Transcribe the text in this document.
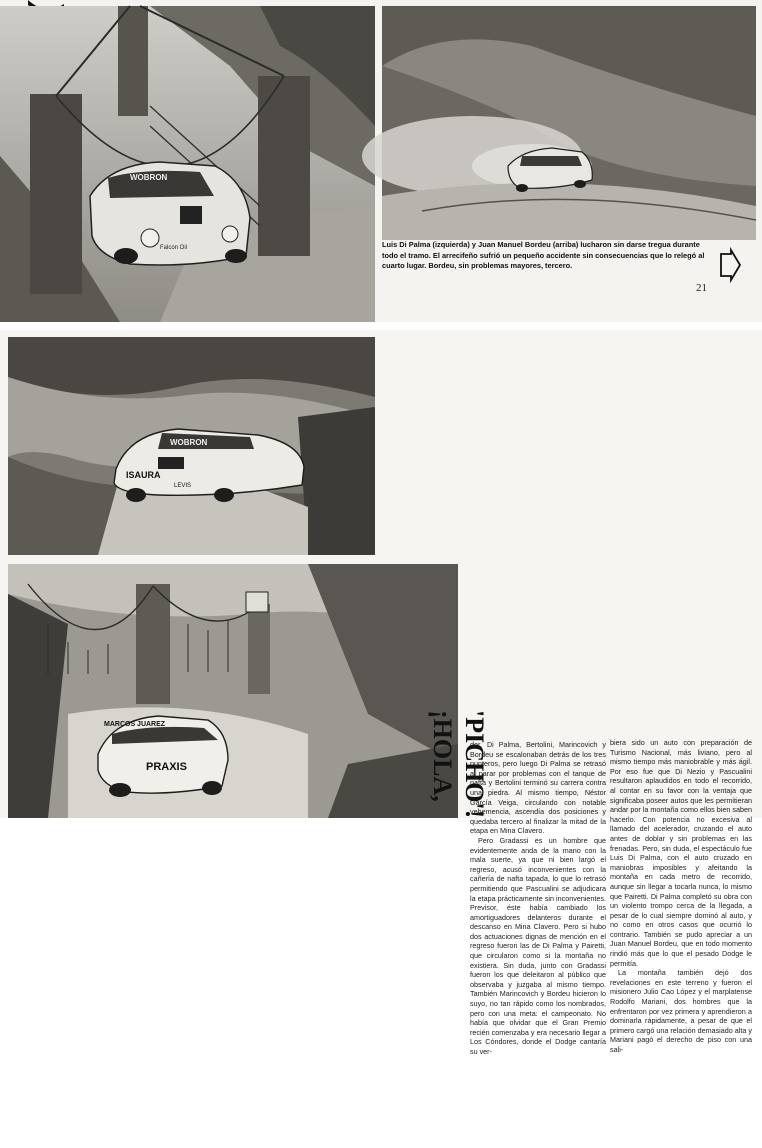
WOBRON
Falcon Oil	Luis Di Palma (izquierda) y Juan Manuel Bordeu (arriba) lucharon sin darse tregua durante todo el tramo. El arrecifeño sufrió un pequeño accidente sin consecuencias que lo relegó al cuarto lugar. Bordeu, sin problemas mayores, tercero.
21
WOBRON
ISAURA
LEVIS
MARCOS JUAREZ
PRAXIS	¡HOLA, 'PICHO'!

dor, Di Palma, Bertolini, Marincovich y Bordeu se escalonaban detrás de los tres punteros, pero luego Di Palma se retrasó al parar por problemas con el tanque de nafta y Bertolini terminó su carrera contra una piedra. Al mismo tiempo, Néstor García Veiga, circulando con notable vehemencia, ascendía dos posiciones y quedaba tercero al finalizar la mitad de la etapa en Mina Clavero.

Pero Gradassi es un hombre que evidentemente anda de la mano con la mala suerte, ya que ni bien largó el regreso, acusó inconvenientes con la cañería de nafta tapada, lo que lo retrasó permitiendo que Pascualini se adjudicara la etapa prácticamente sin inconvenientes. Previsor, éste había cambiado los amortiguadores delanteros durante el descanso en Mina Clavero. Pero si hubo dos actuaciones dignas de mención en el regreso fueron las de Di Palma y Pairetti, que circularon como si la montaña no existiera. Sin duda, junto con Gradassi fueron los que deleitaron al público que observaba y juzgaba al mismo tiempo. También Marincovich y Bordeu hicieron lo suyo, no tan rápido como los nombrados, pero con una meta: el campeonato. No había que olvidar que el Gran Premio recién comenzaba y era necesario llegar a Los Cóndores, donde el Dodge cantaría su ver-

biera sido un auto con preparación de Turismo Nacional, más liviano, pero al mismo tiempo más maniobrable y más ágil. Por eso fue que Di Nezio y Pascualini resultaron aplaudidos en todo el recorrido, al contar en su favor con la ventaja que significaba poseer autos que les permitieran andar por la montaña como ellos bien saben hacerlo. Con potencia no excesiva al llamado del acelerador, cruzando el auto antes de doblar y sin problemas en las frenadas. Pero, sin duda, el espectáculo fue Luis Di Palma, con el auto cruzado en maniobras imposibles y afeitando la montaña en cada metro de recorrido, aunque sin llegar a tocarla nunca, lo mismo que Pairetti. Di Palma completó su obra con un violento trompo cerca de la llegada, a pesar de lo cual siempre dominó al auto, y no como en otros casos que ocurrió lo contrario. También se pudo apreciar a un Juan Manuel Bordeu, que en todo momento rindió más que lo que el pesado Dodge le permitía.

La montaña también dejó dos revelaciones en este terreno y fueron el misionero Julio Cao López y el marplatense Rodolfo Mariani, dos hombres que la enfrentaron por vez primera y aprendieron a dominarla rápidamente, a pesar de que el primero cargó una relación demasiado alta y Mariani pagó el derecho de piso con una sali-
